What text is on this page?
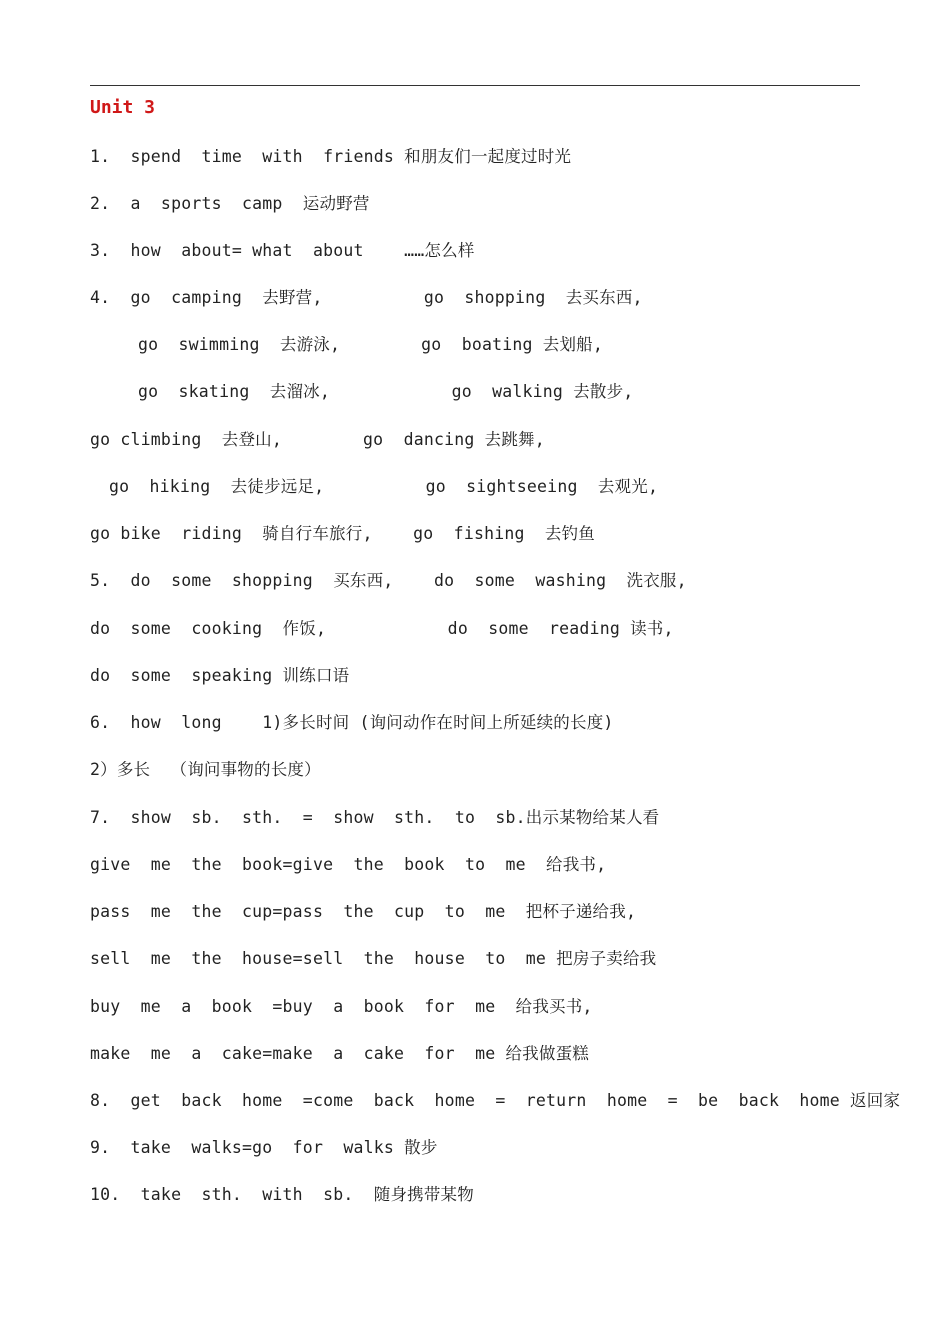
Unit 3
1.  spend  time  with  friends 和朋友们一起度过时光
2.  a  sports  camp  运动野营
3.  how  about= what  about    ……怎么样
4.  go  camping  去野营,          go  shopping  去买东西,
go  swimming  去游泳,        go  boating 去划船,
go  skating  去溜冰,            go  walking 去散步,
go climbing  去登山,        go  dancing 去跳舞,
go  hiking  去徒步远足,          go  sightseeing  去观光,
go bike  riding  骑自行车旅行,    go  fishing  去钓鱼
5.  do  some  shopping  买东西,    do  some  washing  洗衣服,
do  some  cooking  作饭,            do  some  reading 读书,
do  some  speaking 训练口语
6.  how  long    1)多长时间 (询问动作在时间上所延续的长度)
2）多长  （询问事物的长度）
7.  show  sb.  sth.  =  show  sth.  to  sb.出示某物给某人看
give  me  the  book=give  the  book  to  me  给我书,
pass  me  the  cup=pass  the  cup  to  me  把杯子递给我,
sell  me  the  house=sell  the  house  to  me 把房子卖给我
buy  me  a  book  =buy  a  book  for  me  给我买书,
make  me  a  cake=make  a  cake  for  me 给我做蛋糕
8.  get  back  home  =come  back  home  =  return  home  =  be  back  home 返回家
9.  take  walks=go  for  walks 散步
10.  take  sth.  with  sb.  随身携带某物
